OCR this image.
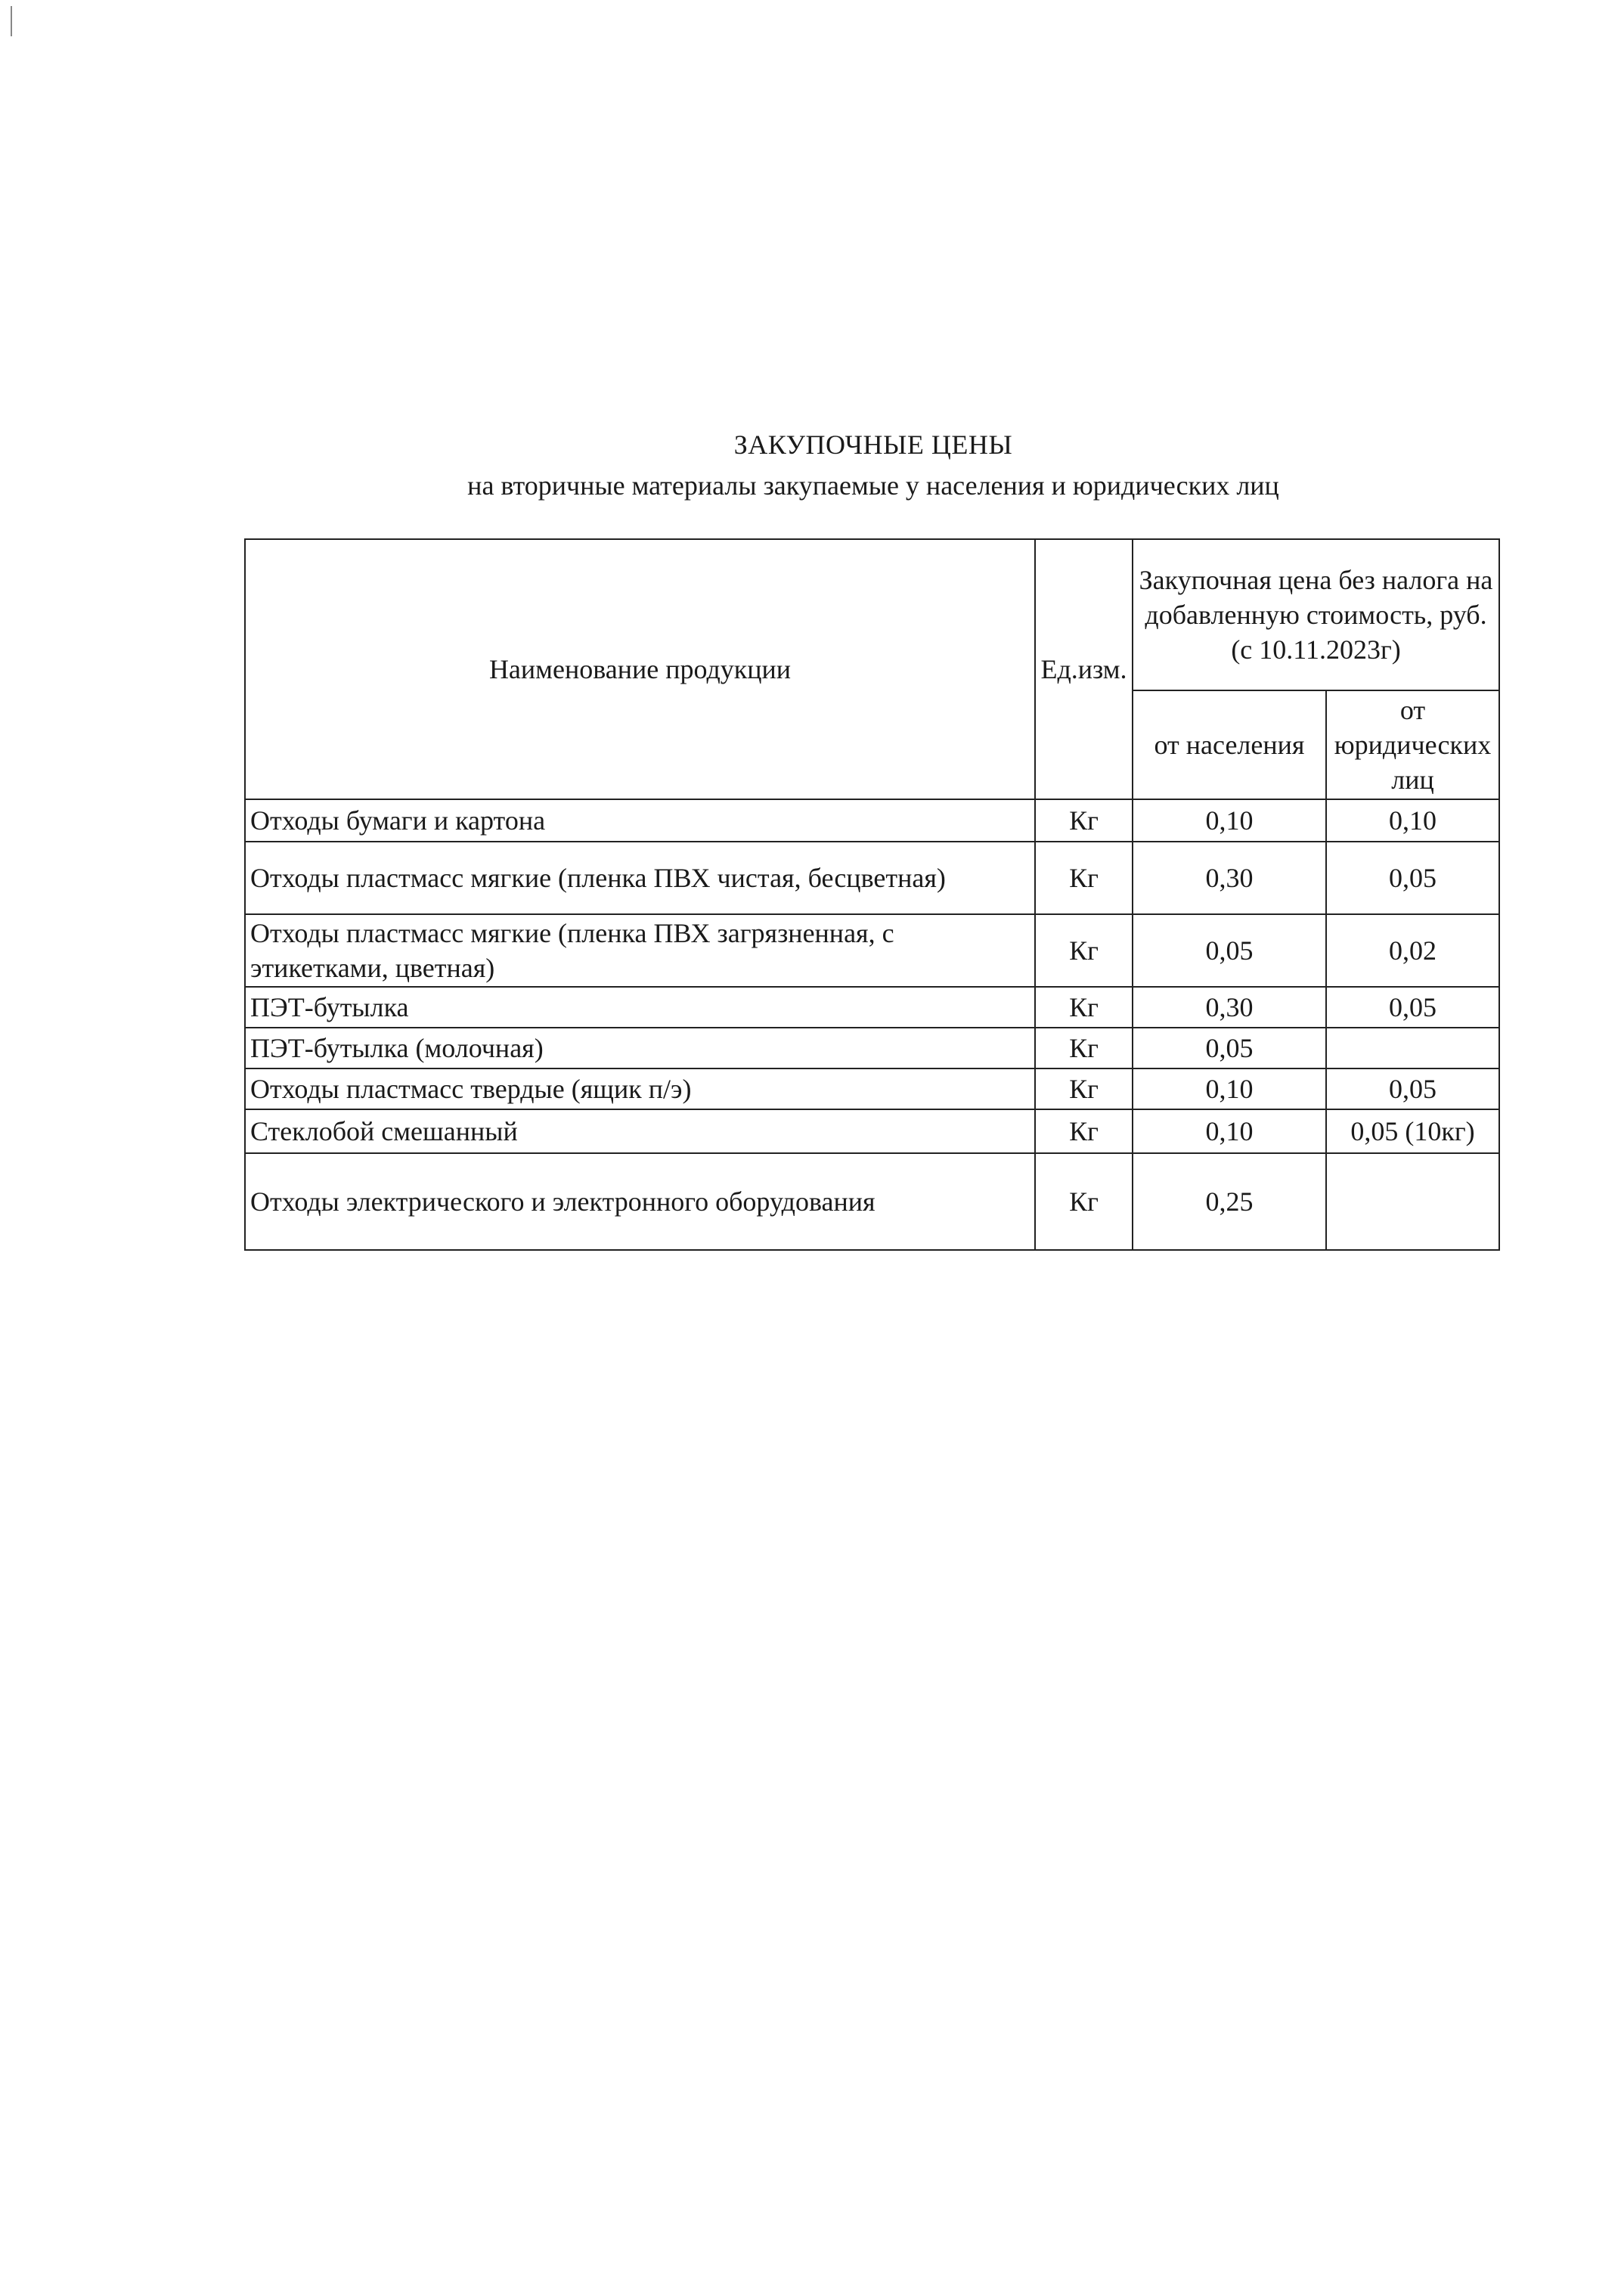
ЗАКУПОЧНЫЕ ЦЕНЫ
на вторичные материалы закупаемые у населения и юридических лиц
Наименование продукции	Ед.изм.	Закупочная цена без налога на добавленную стоимость, руб. (с 10.11.2023г)	
		от населения	от юридических лиц
Отходы бумаги и картона	Кг	0,10	0,10
Отходы пластмасс мягкие (пленка ПВХ чистая, бесцветная)	Кг	0,30	0,05
Отходы пластмасс мягкие (пленка ПВХ загрязненная, с этикетками, цветная)	Кг	0,05	0,02
ПЭТ-бутылка	Кг	0,30	0,05
ПЭТ-бутылка (молочная)	Кг	0,05	
Отходы пластмасс твердые (ящик п/э)	Кг	0,10	0,05
Стеклобой смешанный	Кг	0,10	0,05 (10кг)
Отходы электрического и электронного оборудования	Кг	0,25	
